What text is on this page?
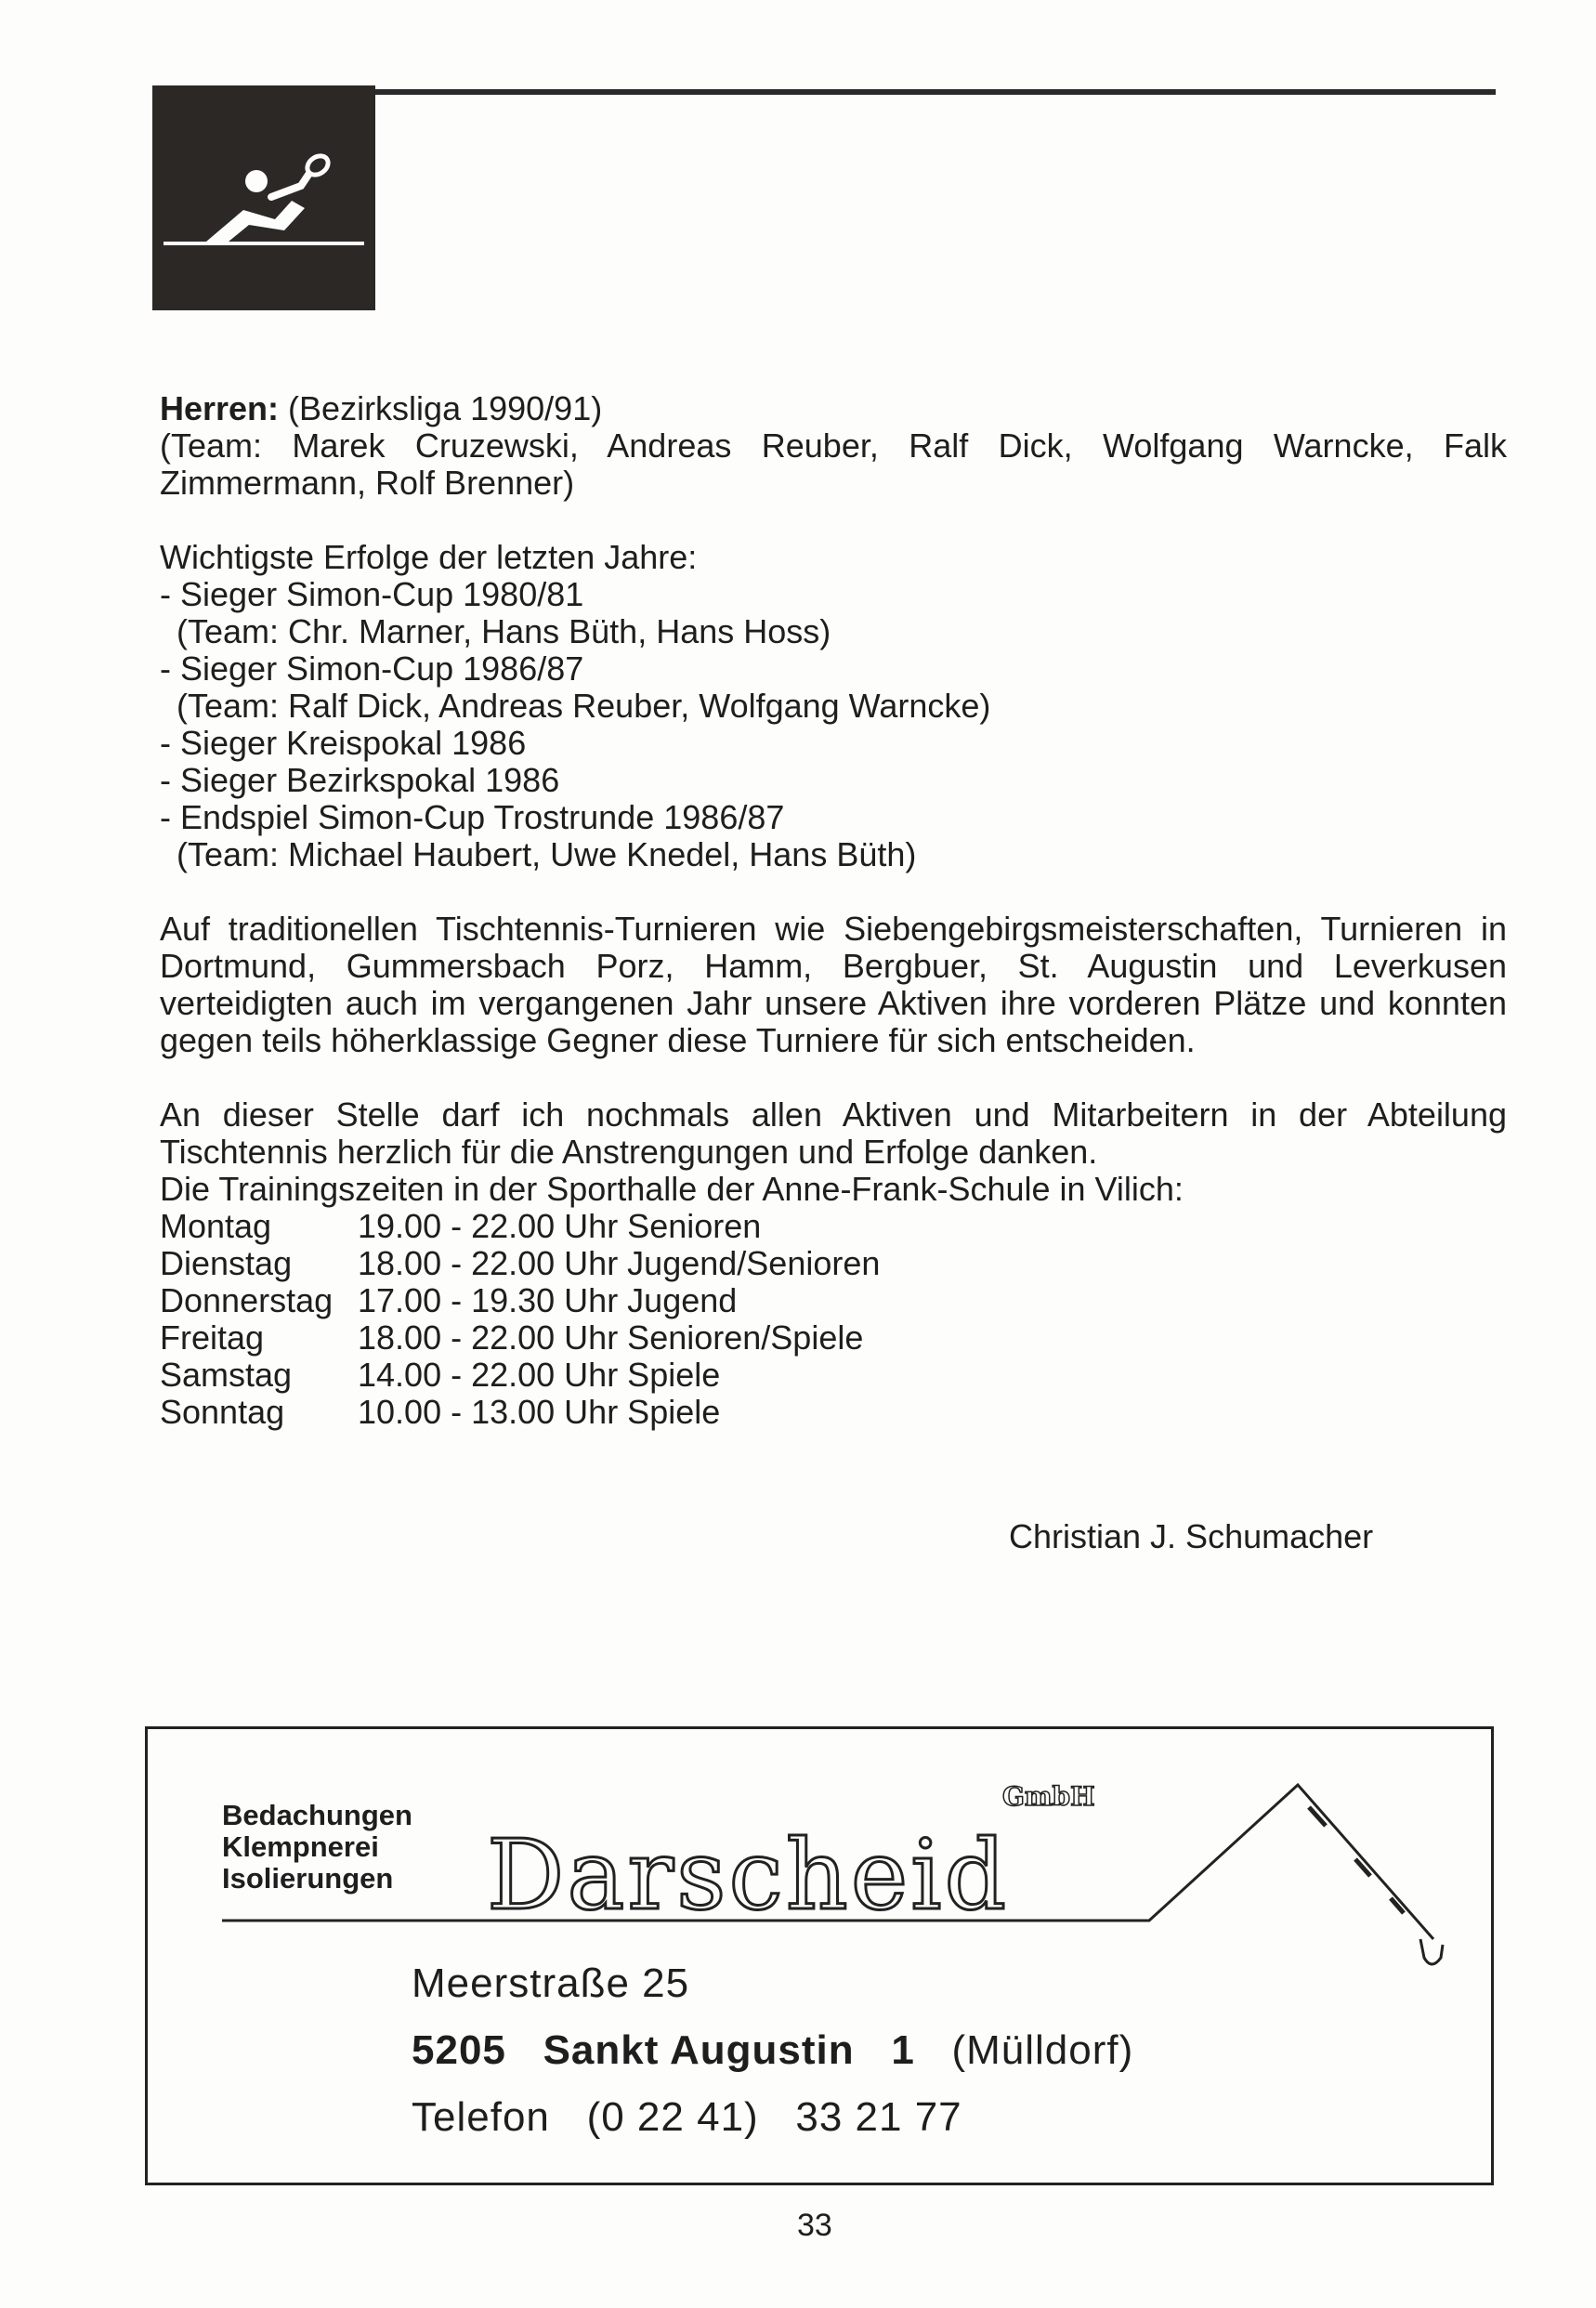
Herren: (Bezirksliga 1990/91)

(Team: Marek Cruzewski, Andreas Reuber, Ralf Dick, Wolfgang Warncke, Falk Zimmermann, Rolf Brenner)

Wichtigste Erfolge der letzten Jahre:

- Sieger Simon-Cup 1980/81

(Team: Chr. Marner, Hans Büth, Hans Hoss)

- Sieger Simon-Cup 1986/87

(Team: Ralf Dick, Andreas Reuber, Wolfgang Warncke)

- Sieger Kreispokal 1986

- Sieger Bezirkspokal 1986

- Endspiel Simon-Cup Trostrunde 1986/87

(Team: Michael Haubert, Uwe Knedel, Hans Büth)

Auf traditionellen Tischtennis-Turnieren wie Siebengebirgsmeisterschaften, Turnieren in Dortmund, Gummersbach Porz, Hamm, Bergbuer, St. Augustin und Leverkusen verteidigten auch im vergangenen Jahr unsere Aktiven ihre vorderen Plätze und konnten gegen teils höherklassige Gegner diese Turniere für sich entscheiden.

An dieser Stelle darf ich nochmals allen Aktiven und Mitarbeitern in der Abteilung Tischtennis herzlich für die Anstrengungen und Erfolge danken.

Die Trainingszeiten in der Sporthalle der Anne-Frank-Schule in Vilich:

Montag	19.00 - 22.00 Uhr Senioren
Dienstag	18.00 - 22.00 Uhr Jugend/Senioren
Donnerstag	17.00 - 19.30 Uhr Jugend
Freitag	18.00 - 22.00 Uhr Senioren/Spiele
Samstag	14.00 - 22.00 Uhr Spiele
Sonntag	10.00 - 13.00 Uhr Spiele
Christian J. Schumacher
Bedachungen
Klempnerei
Isolierungen
GmbH
Darscheid
Meerstraße 25
5205 Sankt Augustin 1 (Mülldorf)
Telefon (0 22 41) 33 21 77
33
